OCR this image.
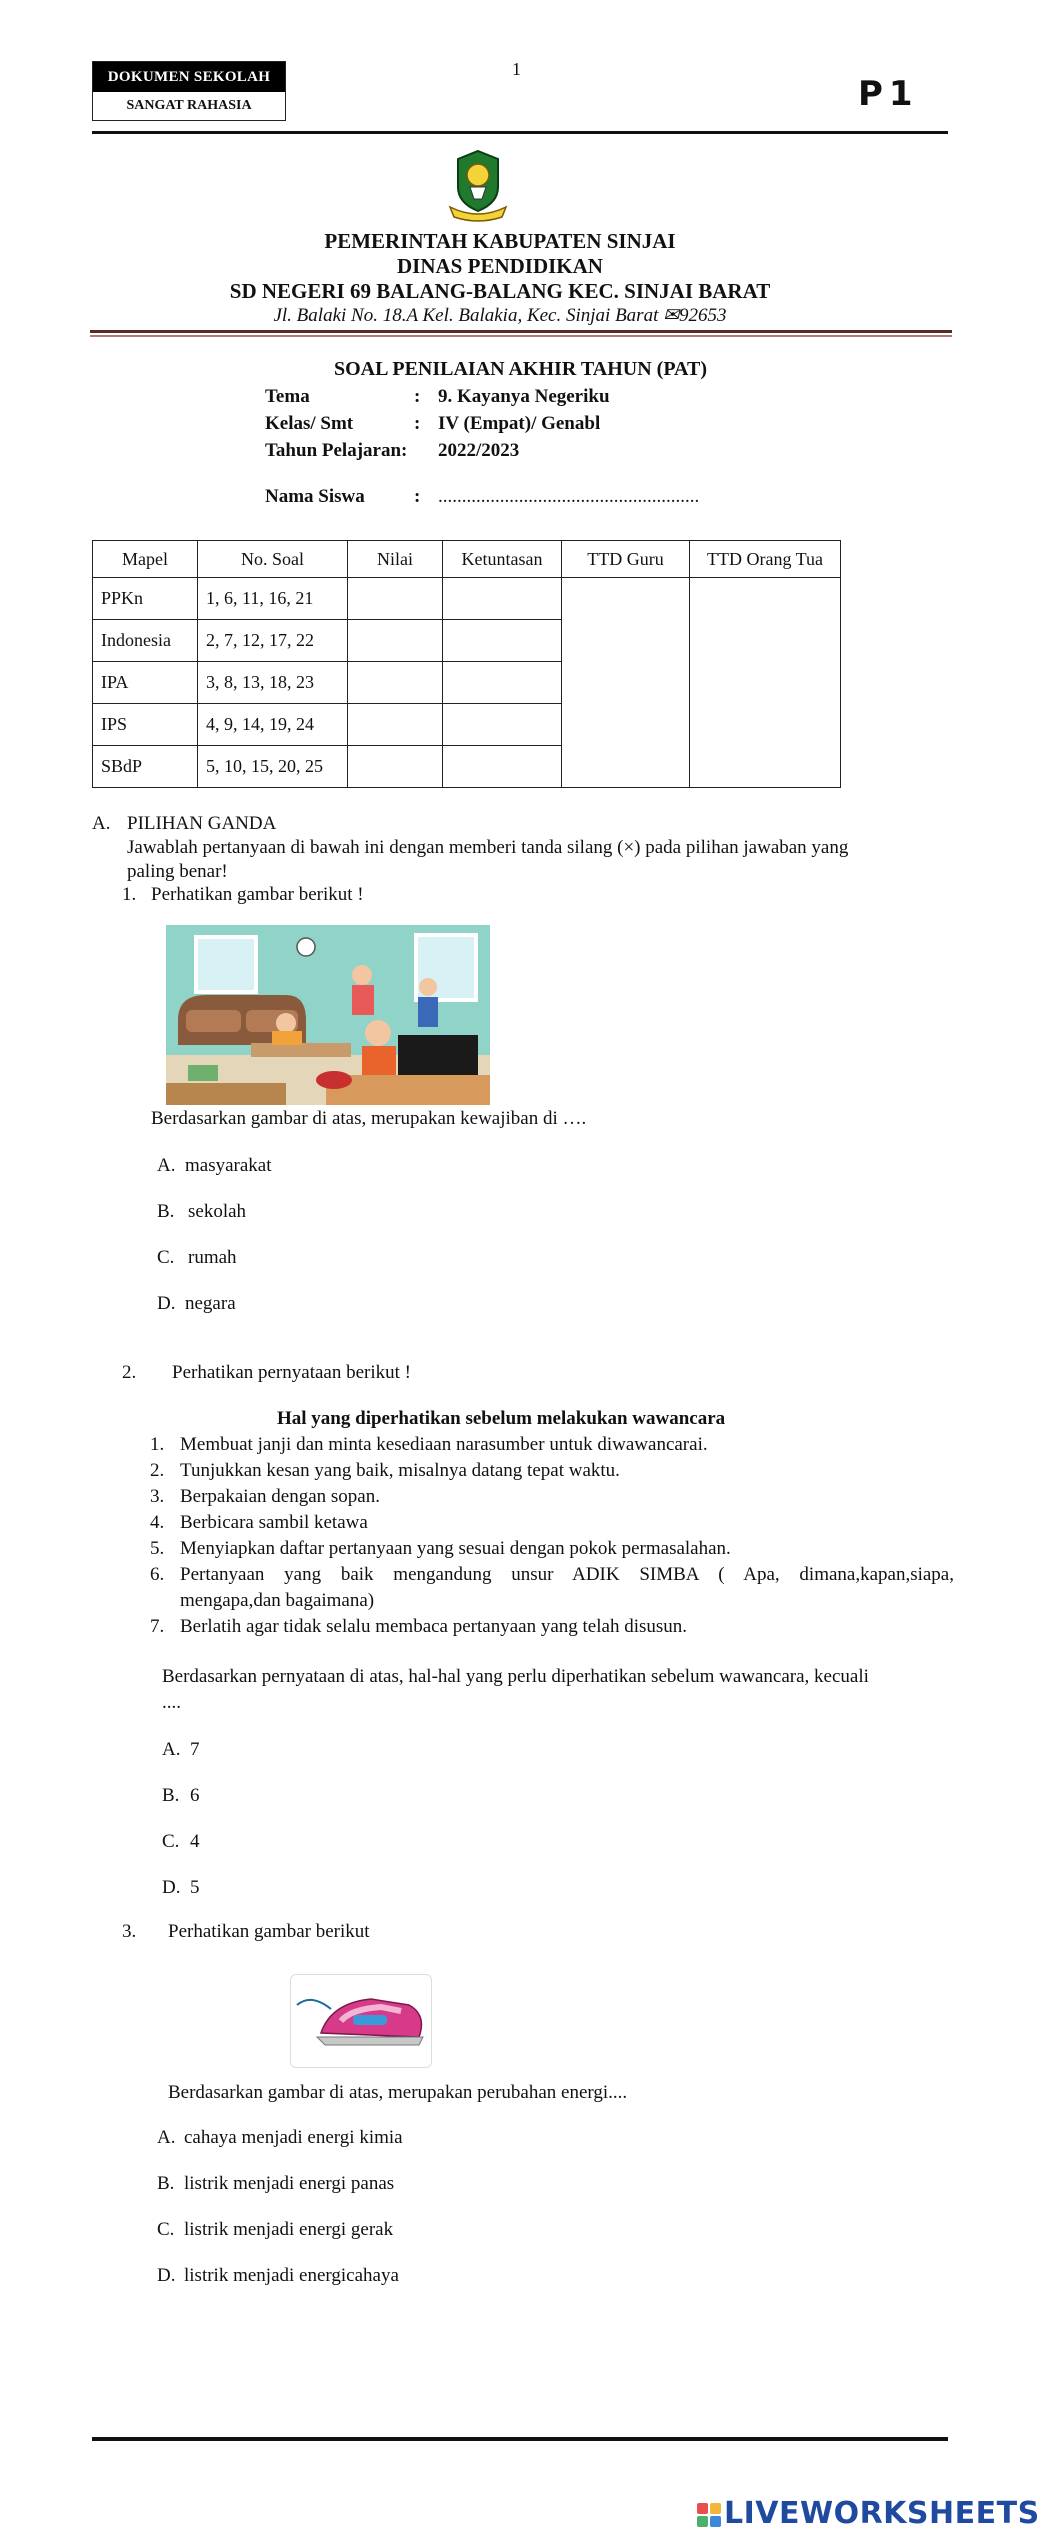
DOKUMEN SEKOLAH
SANGAT RAHASIA
1
P1
PEMERINTAH KABUPATEN SINJAI
DINAS PENDIDIKAN
SD NEGERI 69 BALANG-BALANG KEC. SINJAI BARAT
Jl. Balaki No. 18.A Kel. Balakia, Kec. Sinjai Barat ✉92653
SOAL PENILAIAN AKHIR TAHUN (PAT)
Tema	: 9. Kayanya Negeriku
Kelas/ Smt	: IV (Empat)/ Genabl
Tahun Pelajaran: 2022/2023
Nama Siswa	: .......................................................
Mapel	No. Soal	Nilai	Ketuntasan	TTD Guru	TTD Orang Tua
PPKn	1, 6, 11, 16, 21				
Indonesia	2, 7, 12, 17, 22				
IPA	3, 8, 13, 18, 23				
IPS	4, 9, 14, 19, 24				
SBdP	5, 10, 15, 20, 25				
A. PILIHAN GANDA
Jawablah pertanyaan di bawah ini dengan memberi tanda silang (×) pada pilihan jawaban yang
paling benar!
1. Perhatikan gambar berikut !
Berdasarkan gambar di atas, merupakan kewajiban di ….
A. masyarakat
B. sekolah
C. rumah
D. negara
2. Perhatikan pernyataan berikut !
Hal yang diperhatikan sebelum melakukan wawancara
1. Membuat janji dan minta kesediaan narasumber untuk diwawancarai.
2. Tunjukkan kesan yang baik, misalnya datang tepat waktu.
3. Berpakaian dengan sopan.
4. Berbicara sambil ketawa
5. Menyiapkan daftar pertanyaan yang sesuai dengan pokok permasalahan.
6. Pertanyaan yang baik mengandung unsur ADIK SIMBA ( Apa, dimana,kapan,siapa,
mengapa,dan bagaimana)
7. Berlatih agar tidak selalu membaca pertanyaan yang telah disusun.
Berdasarkan pernyataan di atas, hal-hal yang perlu diperhatikan sebelum wawancara, kecuali
....
A. 7
B. 6
C. 4
D. 5
3. Perhatikan gambar berikut
Berdasarkan gambar di atas, merupakan perubahan energi....
A. cahaya menjadi energi kimia
B. listrik menjadi energi panas
C. listrik menjadi energi gerak
D. listrik menjadi energicahaya
LIVEWORKSHEETS
